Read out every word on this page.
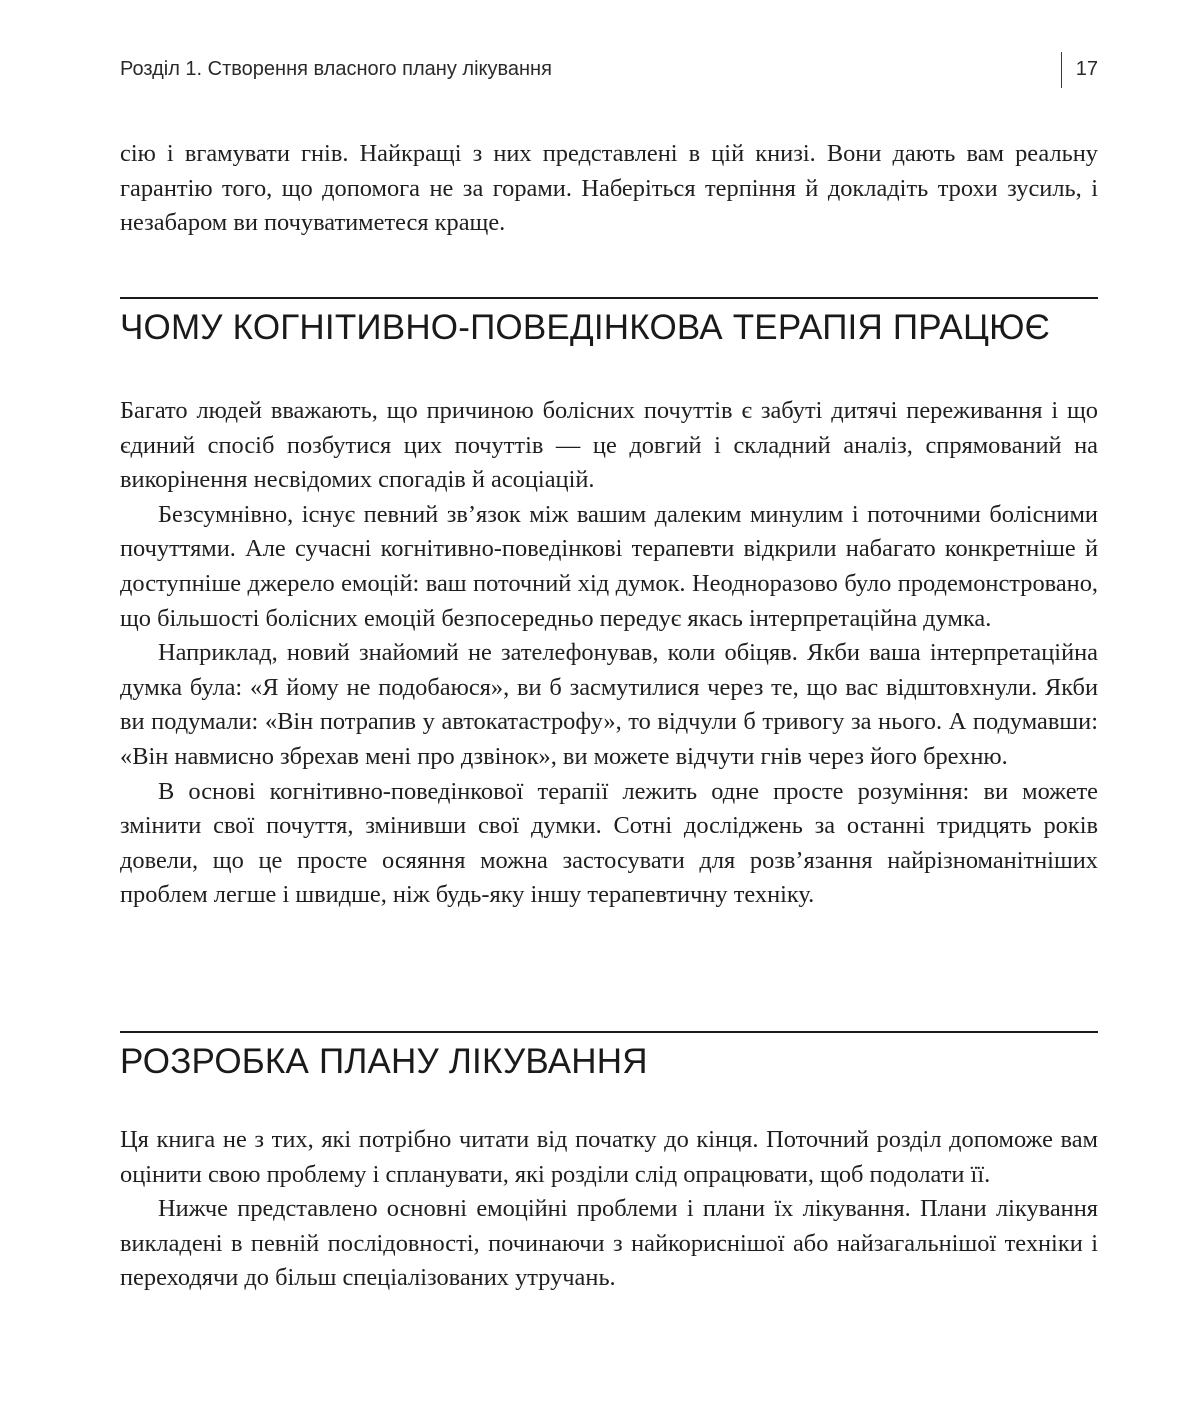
Розділ 1. Створення власного плану лікування	17

сію і вгамувати гнів. Найкращі з них представлені в цій книзі. Вони дають вам реальну гарантію того, що допомога не за горами. Наберіться терпіння й докладіть трохи зусиль, і незабаром ви почуватиметеся краще.

ЧОМУ КОГНІТИВНО-ПОВЕДІНКОВА ТЕРАПІЯ ПРАЦЮЄ

Багато людей вважають, що причиною болісних почуттів є забуті дитячі переживання і що єдиний спосіб позбутися цих почуттів — це довгий і складний аналіз, спрямований на викорінення несвідомих спогадів й асоціацій.

Безсумнівно, існує певний зв’язок між вашим далеким минулим і поточними болісними почуттями. Але сучасні когнітивно-поведінкові терапевти відкрили набагато конкретніше й доступніше джерело емоцій: ваш поточний хід думок. Неодноразово було продемонстровано, що більшості болісних емоцій безпосередньо передує якась інтерпретаційна думка.

Наприклад, новий знайомий не зателефонував, коли обіцяв. Якби ваша інтерпретаційна думка була: «Я йому не подобаюся», ви б засмутилися через те, що вас відштовхнули. Якби ви подумали: «Він потрапив у автокатастрофу», то відчули б тривогу за нього. А подумавши: «Він навмисно збрехав мені про дзвінок», ви можете відчути гнів через його брехню.

В основі когнітивно-поведінкової терапії лежить одне просте розуміння: ви можете змінити свої почуття, змінивши свої думки. Сотні досліджень за останні тридцять років довели, що це просте осяяння можна застосувати для розв’язання найрізноманітніших проблем легше і швидше, ніж будь-яку іншу терапевтичну техніку.

РОЗРОБКА ПЛАНУ ЛІКУВАННЯ

Ця книга не з тих, які потрібно читати від початку до кінця. Поточний розділ допоможе вам оцінити свою проблему і спланувати, які розділи слід опрацювати, щоб подолати її.

Нижче представлено основні емоційні проблеми і плани їх лікування. Плани лікування викладені в певній послідовності, починаючи з найкориснішої або найзагальнішої техніки і переходячи до більш спеціалізованих утручань.
